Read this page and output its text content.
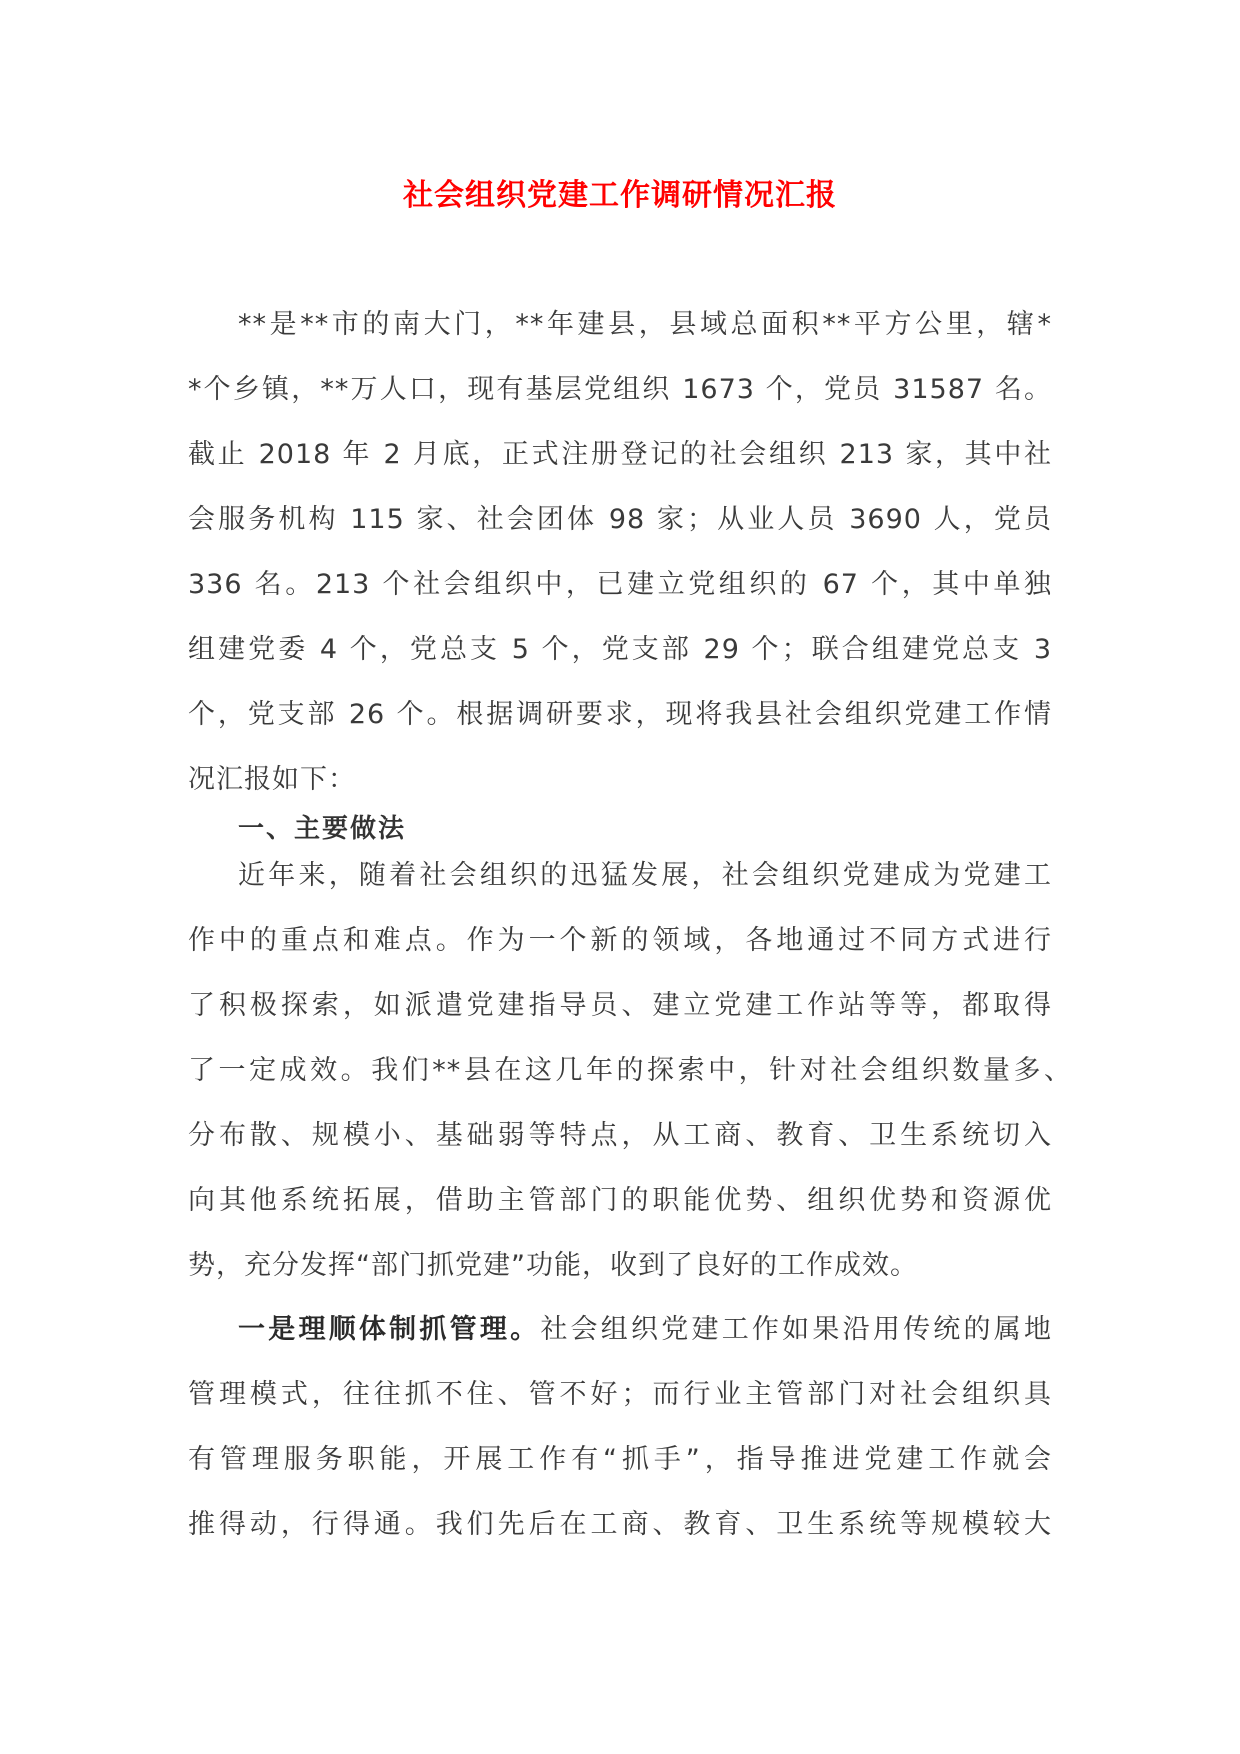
社会组织党建工作调研情况汇报
**是**市的南大门，**年建县，县域总面积**平方公里，辖*
*个乡镇，**万人口，现有基层党组织 1673 个，党员 31587 名。
截止 2018 年 2 月底，正式注册登记的社会组织 213 家，其中社
会服务机构 115 家、社会团体 98 家；从业人员 3690 人，党员
336 名。213 个社会组织中，已建立党组织的 67 个，其中单独
组建党委 4 个，党总支 5 个，党支部 29 个；联合组建党总支 3
个，党支部 26 个。根据调研要求，现将我县社会组织党建工作情
况汇报如下：
一、主要做法
近年来，随着社会组织的迅猛发展，社会组织党建成为党建工
作中的重点和难点。作为一个新的领域，各地通过不同方式进行
了积极探索，如派遣党建指导员、建立党建工作站等等，都取得
了一定成效。我们**县在这几年的探索中，针对社会组织数量多、
分布散、规模小、基础弱等特点，从工商、教育、卫生系统切入
向其他系统拓展，借助主管部门的职能优势、组织优势和资源优
势，充分发挥“部门抓党建”功能，收到了良好的工作成效。
一是理顺体制抓管理。社会组织党建工作如果沿用传统的属地
管理模式，往往抓不住、管不好；而行业主管部门对社会组织具
有管理服务职能，开展工作有“抓手”，指导推进党建工作就会
推得动，行得通。我们先后在工商、教育、卫生系统等规模较大
